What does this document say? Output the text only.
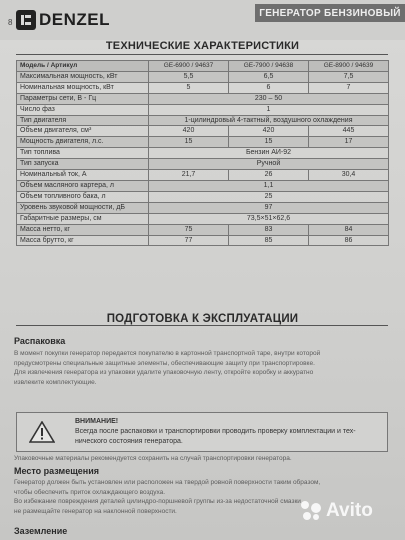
8 DENZEL	ГЕНЕРАТОР БЕНЗИНОВЫЙ
ТЕХНИЧЕСКИЕ ХАРАКТЕРИСТИКИ
Модель / Артикул	GE-6900 / 94637	GE-7900 / 94638	GE-8900 / 94639
Максимальная мощность, кВт	5,5	6,5	7,5
Номинальная мощность, кВт	5	6	7
Параметры сети, В - Гц	230 – 50		
Число фаз	1		
Тип двигателя	1-цилиндровый 4-тактный, воздушного охлаждения		
Объем двигателя, см³	420	420	445
Мощность двигателя, л.с.	15	15	17
Тип топлива	Бензин АИ-92		
Тип запуска	Ручной		
Номинальный ток, А	21,7	26	30,4
Объем масляного картера, л	1,1		
Объем топливного бака, л	25		
Уровень звуковой мощности, дБ	97		
Габаритные размеры, см	73,5×51×62,6		
Масса нетто, кг	75	83	84
Масса брутто, кг	77	85	86
ПОДГОТОВКА К ЭКСПЛУАТАЦИИ
Распаковка
В момент покупки генератор передается покупателю в картонной транспортной таре, внутри которой
предусмотрены специальные защитные элементы, обеспечивающие защиту при транспортировке.
Для извлечения генератора из упаковки удалите упаковочную ленту, откройте коробку и аккуратно
извлеките комплектующие.
ВНИМАНИЕ!
Всегда после распаковки и транспортировки проводить проверку комплектации и тех-
нического состояния генератора.
Упаковочные материалы рекомендуется сохранить на случай транспортировки генератора.
Место размещения
Генератор должен быть установлен или расположен на твердой ровной поверхности таким образом,
чтобы обеспечить приток охлаждающего воздуха.
Во избежание повреждения деталей цилиндро-поршневой группы из-за недостаточной смазки
не размещайте генератор на наклонной поверхности.
Заземление
Avito
